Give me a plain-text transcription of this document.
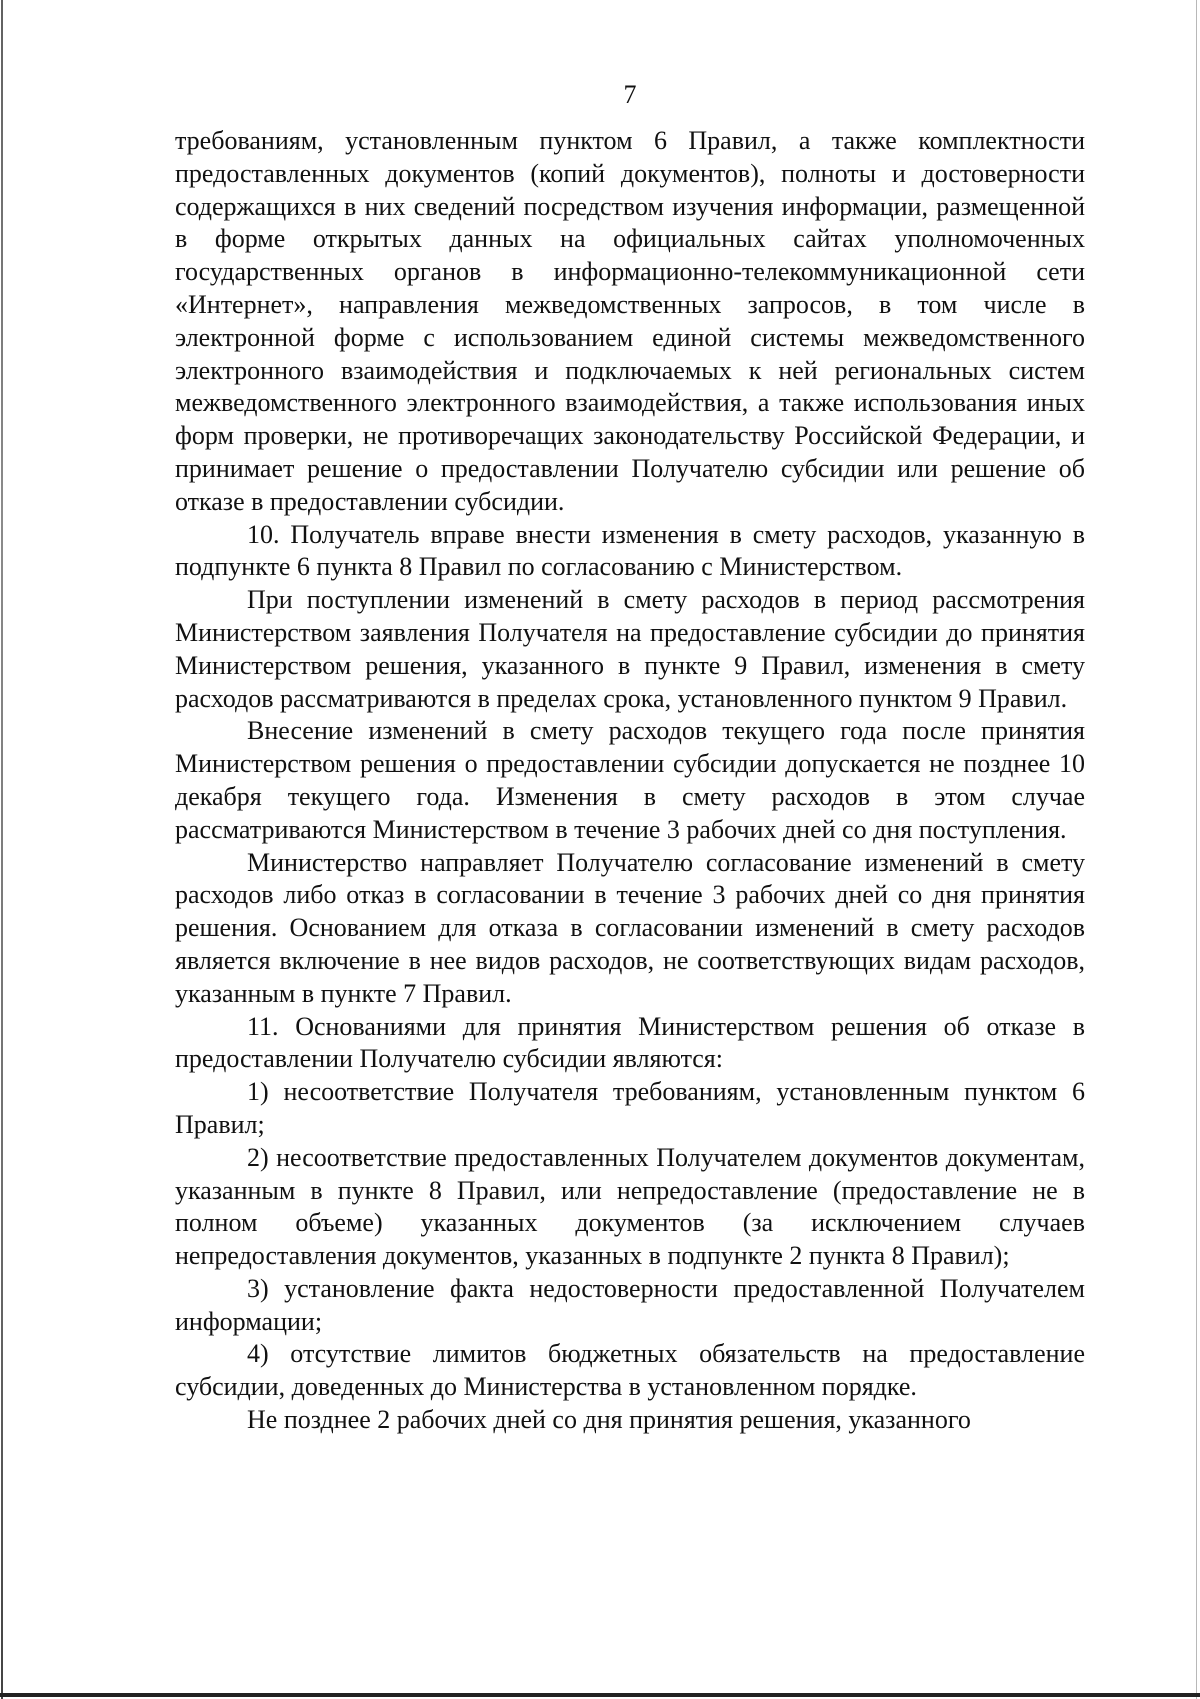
7

требованиям, установленным пунктом 6 Правил, а также комплектности предоставленных документов (копий документов), полноты и достоверности содержащихся в них сведений посредством изучения информации, размещенной в форме открытых данных на официальных сайтах уполномоченных государственных органов в информационно-телекоммуникационной сети «Интернет», направления межведомственных запросов, в том числе в электронной форме с использованием единой системы межведомственного электронного взаимодействия и подключаемых к ней региональных систем межведомственного электронного взаимодействия, а также использования иных форм проверки, не противоречащих законодательству Российской Федерации, и принимает решение о предоставлении Получателю субсидии или решение об отказе в предоставлении субсидии.

10. Получатель вправе внести изменения в смету расходов, указанную в подпункте 6 пункта 8 Правил по согласованию с Министерством.

При поступлении изменений в смету расходов в период рассмотрения Министерством заявления Получателя на предоставление субсидии до принятия Министерством решения, указанного в пункте 9 Правил, изменения в смету расходов рассматриваются в пределах срока, установленного пунктом 9 Правил.

Внесение изменений в смету расходов текущего года после принятия Министерством решения о предоставлении субсидии допускается не позднее 10 декабря текущего года. Изменения в смету расходов в этом случае рассматриваются Министерством в течение 3 рабочих дней со дня поступления.

Министерство направляет Получателю согласование изменений в смету расходов либо отказ в согласовании в течение 3 рабочих дней со дня принятия решения. Основанием для отказа в согласовании изменений в смету расходов является включение в нее видов расходов, не соответствующих видам расходов, указанным в пункте 7 Правил.

11. Основаниями для принятия Министерством решения об отказе в предоставлении Получателю субсидии являются:

1) несоответствие Получателя требованиям, установленным пунктом 6 Правил;

2) несоответствие предоставленных Получателем документов документам, указанным в пункте 8 Правил, или непредоставление (предоставление не в полном объеме) указанных документов (за исключением случаев непредоставления документов, указанных в подпункте 2 пункта 8 Правил);

3) установление факта недостоверности предоставленной Получателем информации;

4) отсутствие лимитов бюджетных обязательств на предоставление субсидии, доведенных до Министерства в установленном порядке.

Не позднее 2 рабочих дней со дня принятия решения, указанного
